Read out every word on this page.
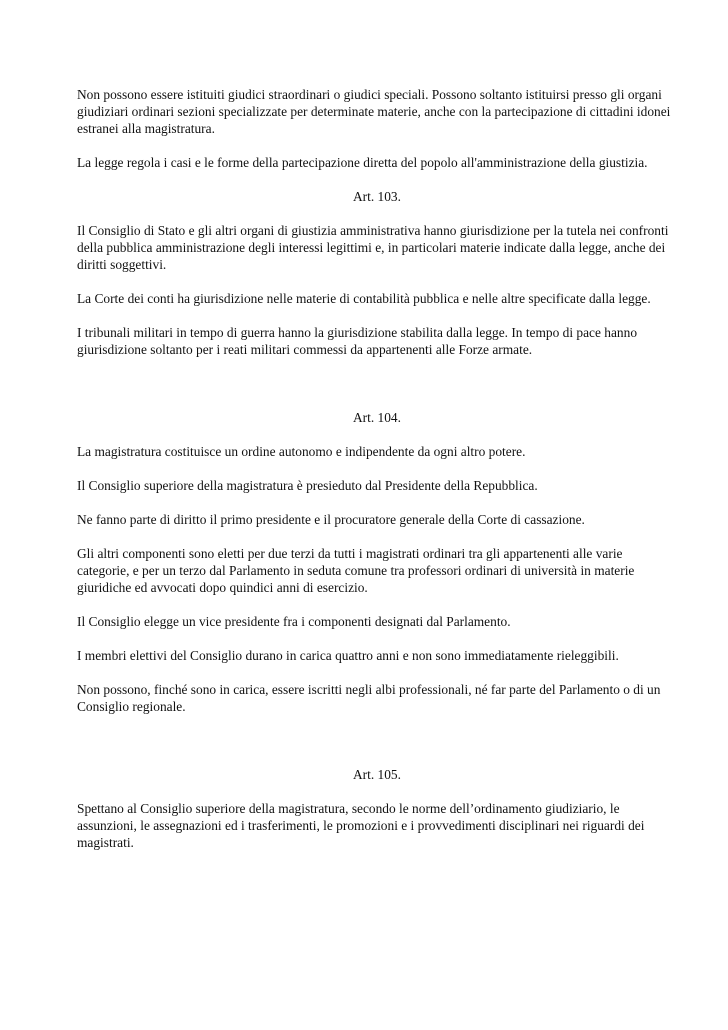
Non possono essere istituiti giudici straordinari o giudici speciali. Possono soltanto istituirsi presso gli organi giudiziari ordinari sezioni specializzate per determinate materie, anche con la partecipazione di cittadini idonei estranei alla magistratura.

La legge regola i casi e le forme della partecipazione diretta del popolo all'amministrazione della giustizia.

Art. 103.

Il Consiglio di Stato e gli altri organi di giustizia amministrativa hanno giurisdizione per la tutela nei confronti della pubblica amministrazione degli interessi legittimi e, in particolari materie indicate dalla legge, anche dei diritti soggettivi.

La Corte dei conti ha giurisdizione nelle materie di contabilità pubblica e nelle altre specificate dalla legge.

I tribunali militari in tempo di guerra hanno la giurisdizione stabilita dalla legge. In tempo di pace hanno giurisdizione soltanto per i reati militari commessi da appartenenti alle Forze armate.

Art. 104.

La magistratura costituisce un ordine autonomo e indipendente da ogni altro potere.

Il Consiglio superiore della magistratura è presieduto dal Presidente della Repubblica.

Ne fanno parte di diritto il primo presidente e il procuratore generale della Corte di cassazione.

Gli altri componenti sono eletti per due terzi da tutti i magistrati ordinari tra gli appartenenti alle varie categorie, e per un terzo dal Parlamento in seduta comune tra professori ordinari di università in materie giuridiche ed avvocati dopo quindici anni di esercizio.

Il Consiglio elegge un vice presidente fra i componenti designati dal Parlamento.

I membri elettivi del Consiglio durano in carica quattro anni e non sono immediatamente rieleggibili.

Non possono, finché sono in carica, essere iscritti negli albi professionali, né far parte del Parlamento o di un Consiglio regionale.

Art. 105.

Spettano al Consiglio superiore della magistratura, secondo le norme dell’ordinamento giudiziario, le assunzioni, le assegnazioni ed i trasferimenti, le promozioni e i provvedimenti disciplinari nei riguardi dei magistrati.
